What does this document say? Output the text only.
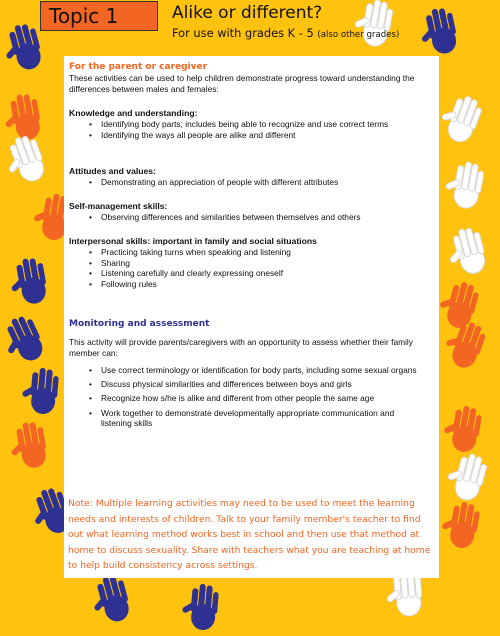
Topic 1	Alike or different?
For use with grades K - 5 (also other grades)
For the parent or caregiver
These activities can be used to help children demonstrate progress toward understanding the differences between males and females:
Knowledge and understanding:
• Identifying body parts; includes being able to recognize and use correct terms
• Identifying the ways all people are alike and different
Attitudes and values:
• Demonstrating an appreciation of people with different attributes
Self-management skills:
• Observing differences and similarities between themselves and others
Interpersonal skills: important in family and social situations
• Practicing taking turns when speaking and listening
• Sharing
• Listening carefully and clearly expressing oneself
• Following rules
Monitoring and assessment
This activity will provide parents/caregivers with an opportunity to assess whether their family member can:
• Use correct terminology or identification for body parts, including some sexual organs
• Discuss physical similarities and differences between boys and girls
• Recognize how s/he is alike and different from other people the same age
• Work together to demonstrate developmentally appropriate communication and listening skills
Note: Multiple learning activities may need to be used to meet the learning needs and interests of children. Talk to your family member's teacher to find out what learning method works best in school and then use that method at home to discuss sexuality. Share with teachers what you are teaching at home to help build consistency across settings.
